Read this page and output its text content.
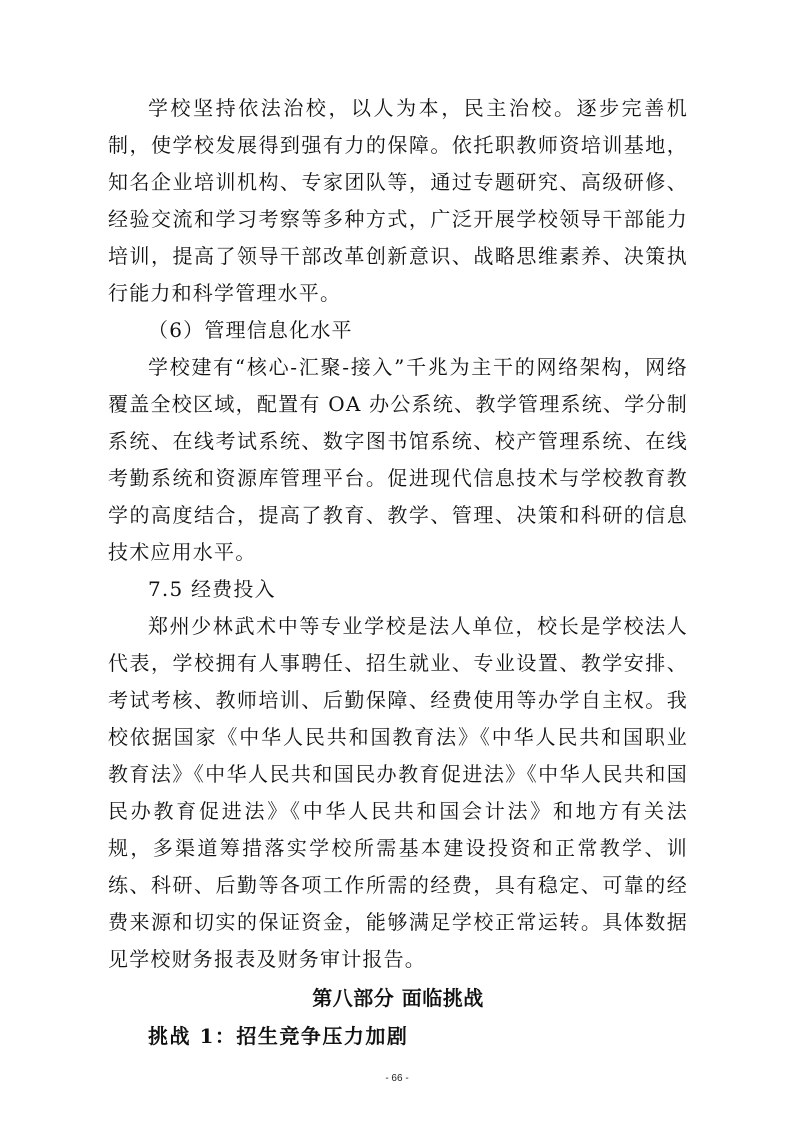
学校坚持依法治校，以人为本，民主治校。逐步完善机制，使学校发展得到强有力的保障。依托职教师资培训基地，知名企业培训机构、专家团队等，通过专题研究、高级研修、经验交流和学习考察等多种方式，广泛开展学校领导干部能力培训，提高了领导干部改革创新意识、战略思维素养、决策执行能力和科学管理水平。

（6）管理信息化水平

学校建有“核心-汇聚-接入”千兆为主干的网络架构，网络覆盖全校区域，配置有 OA 办公系统、教学管理系统、学分制系统、在线考试系统、数字图书馆系统、校产管理系统、在线考勤系统和资源库管理平台。促进现代信息技术与学校教育教学的高度结合，提高了教育、教学、管理、决策和科研的信息技术应用水平。

7.5 经费投入

郑州少林武术中等专业学校是法人单位，校长是学校法人代表，学校拥有人事聘任、招生就业、专业设置、教学安排、考试考核、教师培训、后勤保障、经费使用等办学自主权。我校依据国家《中华人民共和国教育法》《中华人民共和国职业教育法》《中华人民共和国民办教育促进法》《中华人民共和国民办教育促进法》《中华人民共和国会计法》和地方有关法规，多渠道筹措落实学校所需基本建设投资和正常教学、训练、科研、后勤等各项工作所需的经费，具有稳定、可靠的经费来源和切实的保证资金，能够满足学校正常运转。具体数据见学校财务报表及财务审计报告。

第八部分 面临挑战

挑战 1：招生竞争压力加剧

- 66 -
